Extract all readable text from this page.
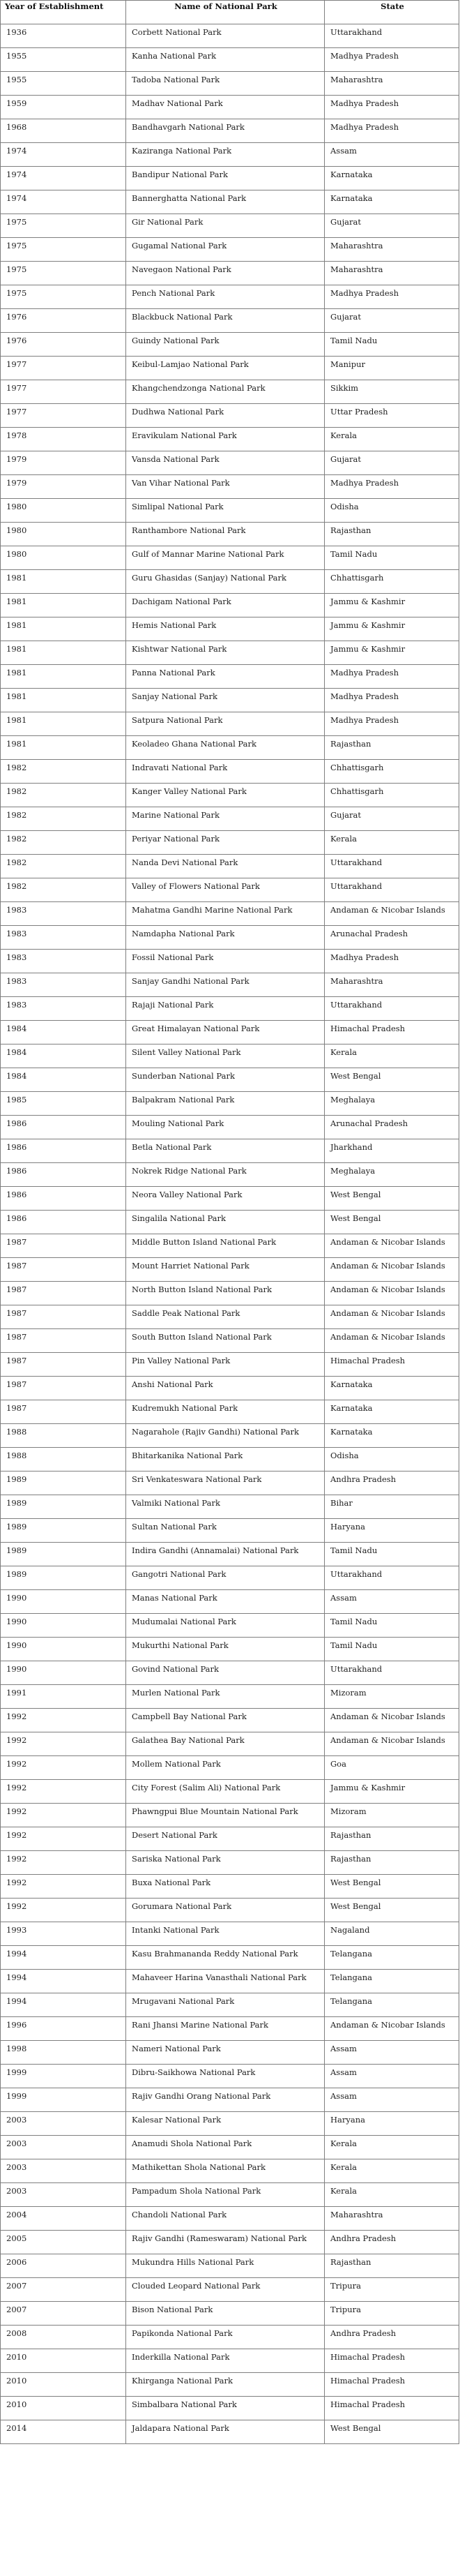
Year of Establishment	Name of National Park	State
1936	Corbett National Park	Uttarakhand
1955	Kanha National Park	Madhya Pradesh
1955	Tadoba National Park	Maharashtra
1959	Madhav National Park	Madhya Pradesh
1968	Bandhavgarh National Park	Madhya Pradesh
1974	Kaziranga National Park	Assam
1974	Bandipur National Park	Karnataka
1974	Bannerghatta National Park	Karnataka
1975	Gir National Park	Gujarat
1975	Gugamal National Park	Maharashtra
1975	Navegaon National Park	Maharashtra
1975	Pench National Park	Madhya Pradesh
1976	Blackbuck National Park	Gujarat
1976	Guindy National Park	Tamil Nadu
1977	Keibul-Lamjao National Park	Manipur
1977	Khangchendzonga National Park	Sikkim
1977	Dudhwa National Park	Uttar Pradesh
1978	Eravikulam National Park	Kerala
1979	Vansda National Park	Gujarat
1979	Van Vihar National Park	Madhya Pradesh
1980	Simlipal National Park	Odisha
1980	Ranthambore National Park	Rajasthan
1980	Gulf of Mannar Marine National Park	Tamil Nadu
1981	Guru Ghasidas (Sanjay) National Park	Chhattisgarh
1981	Dachigam National Park	Jammu & Kashmir
1981	Hemis National Park	Jammu & Kashmir
1981	Kishtwar National Park	Jammu & Kashmir
1981	Panna National Park	Madhya Pradesh
1981	Sanjay National Park	Madhya Pradesh
1981	Satpura National Park	Madhya Pradesh
1981	Keoladeo Ghana National Park	Rajasthan
1982	Indravati National Park	Chhattisgarh
1982	Kanger Valley National Park	Chhattisgarh
1982	Marine National Park	Gujarat
1982	Periyar National Park	Kerala
1982	Nanda Devi National Park	Uttarakhand
1982	Valley of Flowers National Park	Uttarakhand
1983	Mahatma Gandhi Marine National Park	Andaman & Nicobar Islands
1983	Namdapha National Park	Arunachal Pradesh
1983	Fossil National Park	Madhya Pradesh
1983	Sanjay Gandhi National Park	Maharashtra
1983	Rajaji National Park	Uttarakhand
1984	Great Himalayan National Park	Himachal Pradesh
1984	Silent Valley National Park	Kerala
1984	Sunderban National Park	West Bengal
1985	Balpakram National Park	Meghalaya
1986	Mouling National Park	Arunachal Pradesh
1986	Betla National Park	Jharkhand
1986	Nokrek Ridge National Park	Meghalaya
1986	Neora Valley National Park	West Bengal
1986	Singalila National Park	West Bengal
1987	Middle Button Island National Park	Andaman & Nicobar Islands
1987	Mount Harriet National Park	Andaman & Nicobar Islands
1987	North Button Island National Park	Andaman & Nicobar Islands
1987	Saddle Peak National Park	Andaman & Nicobar Islands
1987	South Button Island National Park	Andaman & Nicobar Islands
1987	Pin Valley National Park	Himachal Pradesh
1987	Anshi National Park	Karnataka
1987	Kudremukh National Park	Karnataka
1988	Nagarahole (Rajiv Gandhi) National Park	Karnataka
1988	Bhitarkanika National Park	Odisha
1989	Sri Venkateswara National Park	Andhra Pradesh
1989	Valmiki National Park	Bihar
1989	Sultan National Park	Haryana
1989	Indira Gandhi (Annamalai) National Park	Tamil Nadu
1989	Gangotri National Park	Uttarakhand
1990	Manas National Park	Assam
1990	Mudumalai National Park	Tamil Nadu
1990	Mukurthi National Park	Tamil Nadu
1990	Govind National Park	Uttarakhand
1991	Murlen National Park	Mizoram
1992	Campbell Bay National Park	Andaman & Nicobar Islands
1992	Galathea Bay National Park	Andaman & Nicobar Islands
1992	Mollem National Park	Goa
1992	City Forest (Salim Ali) National Park	Jammu & Kashmir
1992	Phawngpui Blue Mountain National Park	Mizoram
1992	Desert National Park	Rajasthan
1992	Sariska National Park	Rajasthan
1992	Buxa National Park	West Bengal
1992	Gorumara National Park	West Bengal
1993	Intanki National Park	Nagaland
1994	Kasu Brahmananda Reddy National Park	Telangana
1994	Mahaveer Harina Vanasthali National Park	Telangana
1994	Mrugavani National Park	Telangana
1996	Rani Jhansi Marine National Park	Andaman & Nicobar Islands
1998	Nameri National Park	Assam
1999	Dibru-Saikhowa National Park	Assam
1999	Rajiv Gandhi Orang National Park	Assam
2003	Kalesar National Park	Haryana
2003	Anamudi Shola National Park	Kerala
2003	Mathikettan Shola National Park	Kerala
2003	Pampadum Shola National Park	Kerala
2004	Chandoli National Park	Maharashtra
2005	Rajiv Gandhi (Rameswaram) National Park	Andhra Pradesh
2006	Mukundra Hills National Park	Rajasthan
2007	Clouded Leopard National Park	Tripura
2007	Bison National Park	Tripura
2008	Papikonda National Park	Andhra Pradesh
2010	Inderkilla National Park	Himachal Pradesh
2010	Khirganga National Park	Himachal Pradesh
2010	Simbalbara National Park	Himachal Pradesh
2014	Jaldapara National Park	West Bengal
